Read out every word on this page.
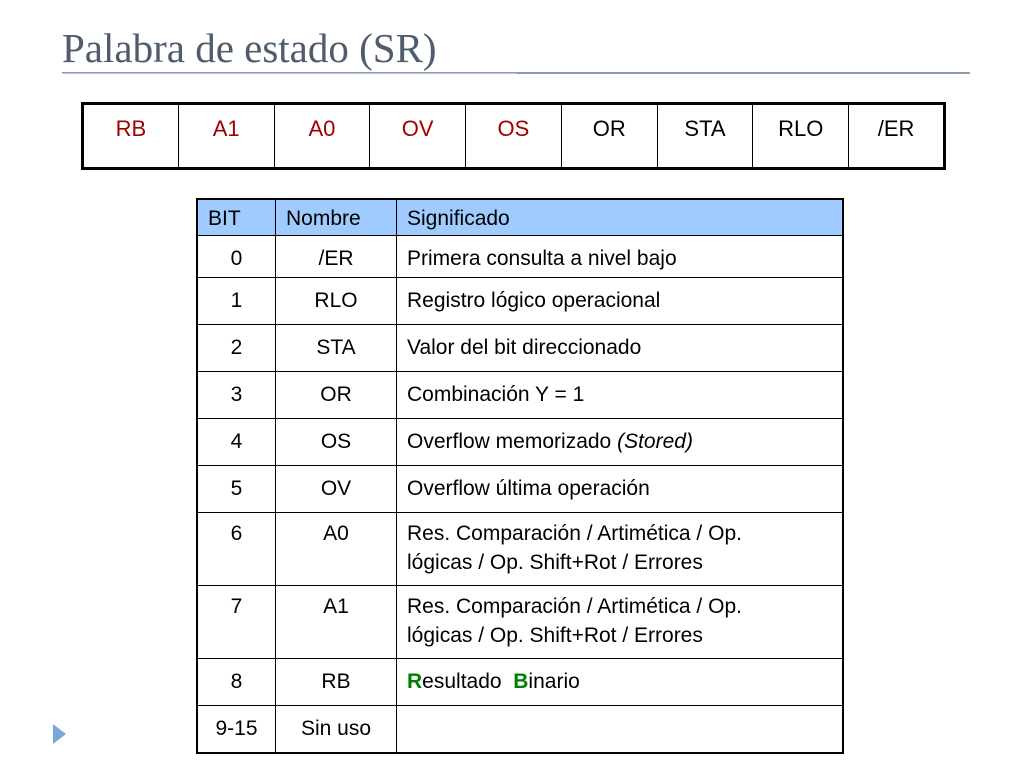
Palabra de estado (SR)
RB	A1	A0	OV	OS	OR	STA	RLO	/ER
BIT	Nombre	Significado
0	/ER	Primera consulta a nivel bajo
1	RLO	Registro lógico operacional
2	STA	Valor del bit direccionado
3	OR	Combinación Y = 1
4	OS	Overflow memorizado (Stored)
5	OV	Overflow última operación
6	A0	Res. Comparación / Artimética / Op.
lógicas / Op. Shift+Rot / Errores

7	A1	Res. Comparación / Artimética / Op.
lógicas / Op. Shift+Rot / Errores

8	RB	Resultado  Binario
9-15	Sin uso	
